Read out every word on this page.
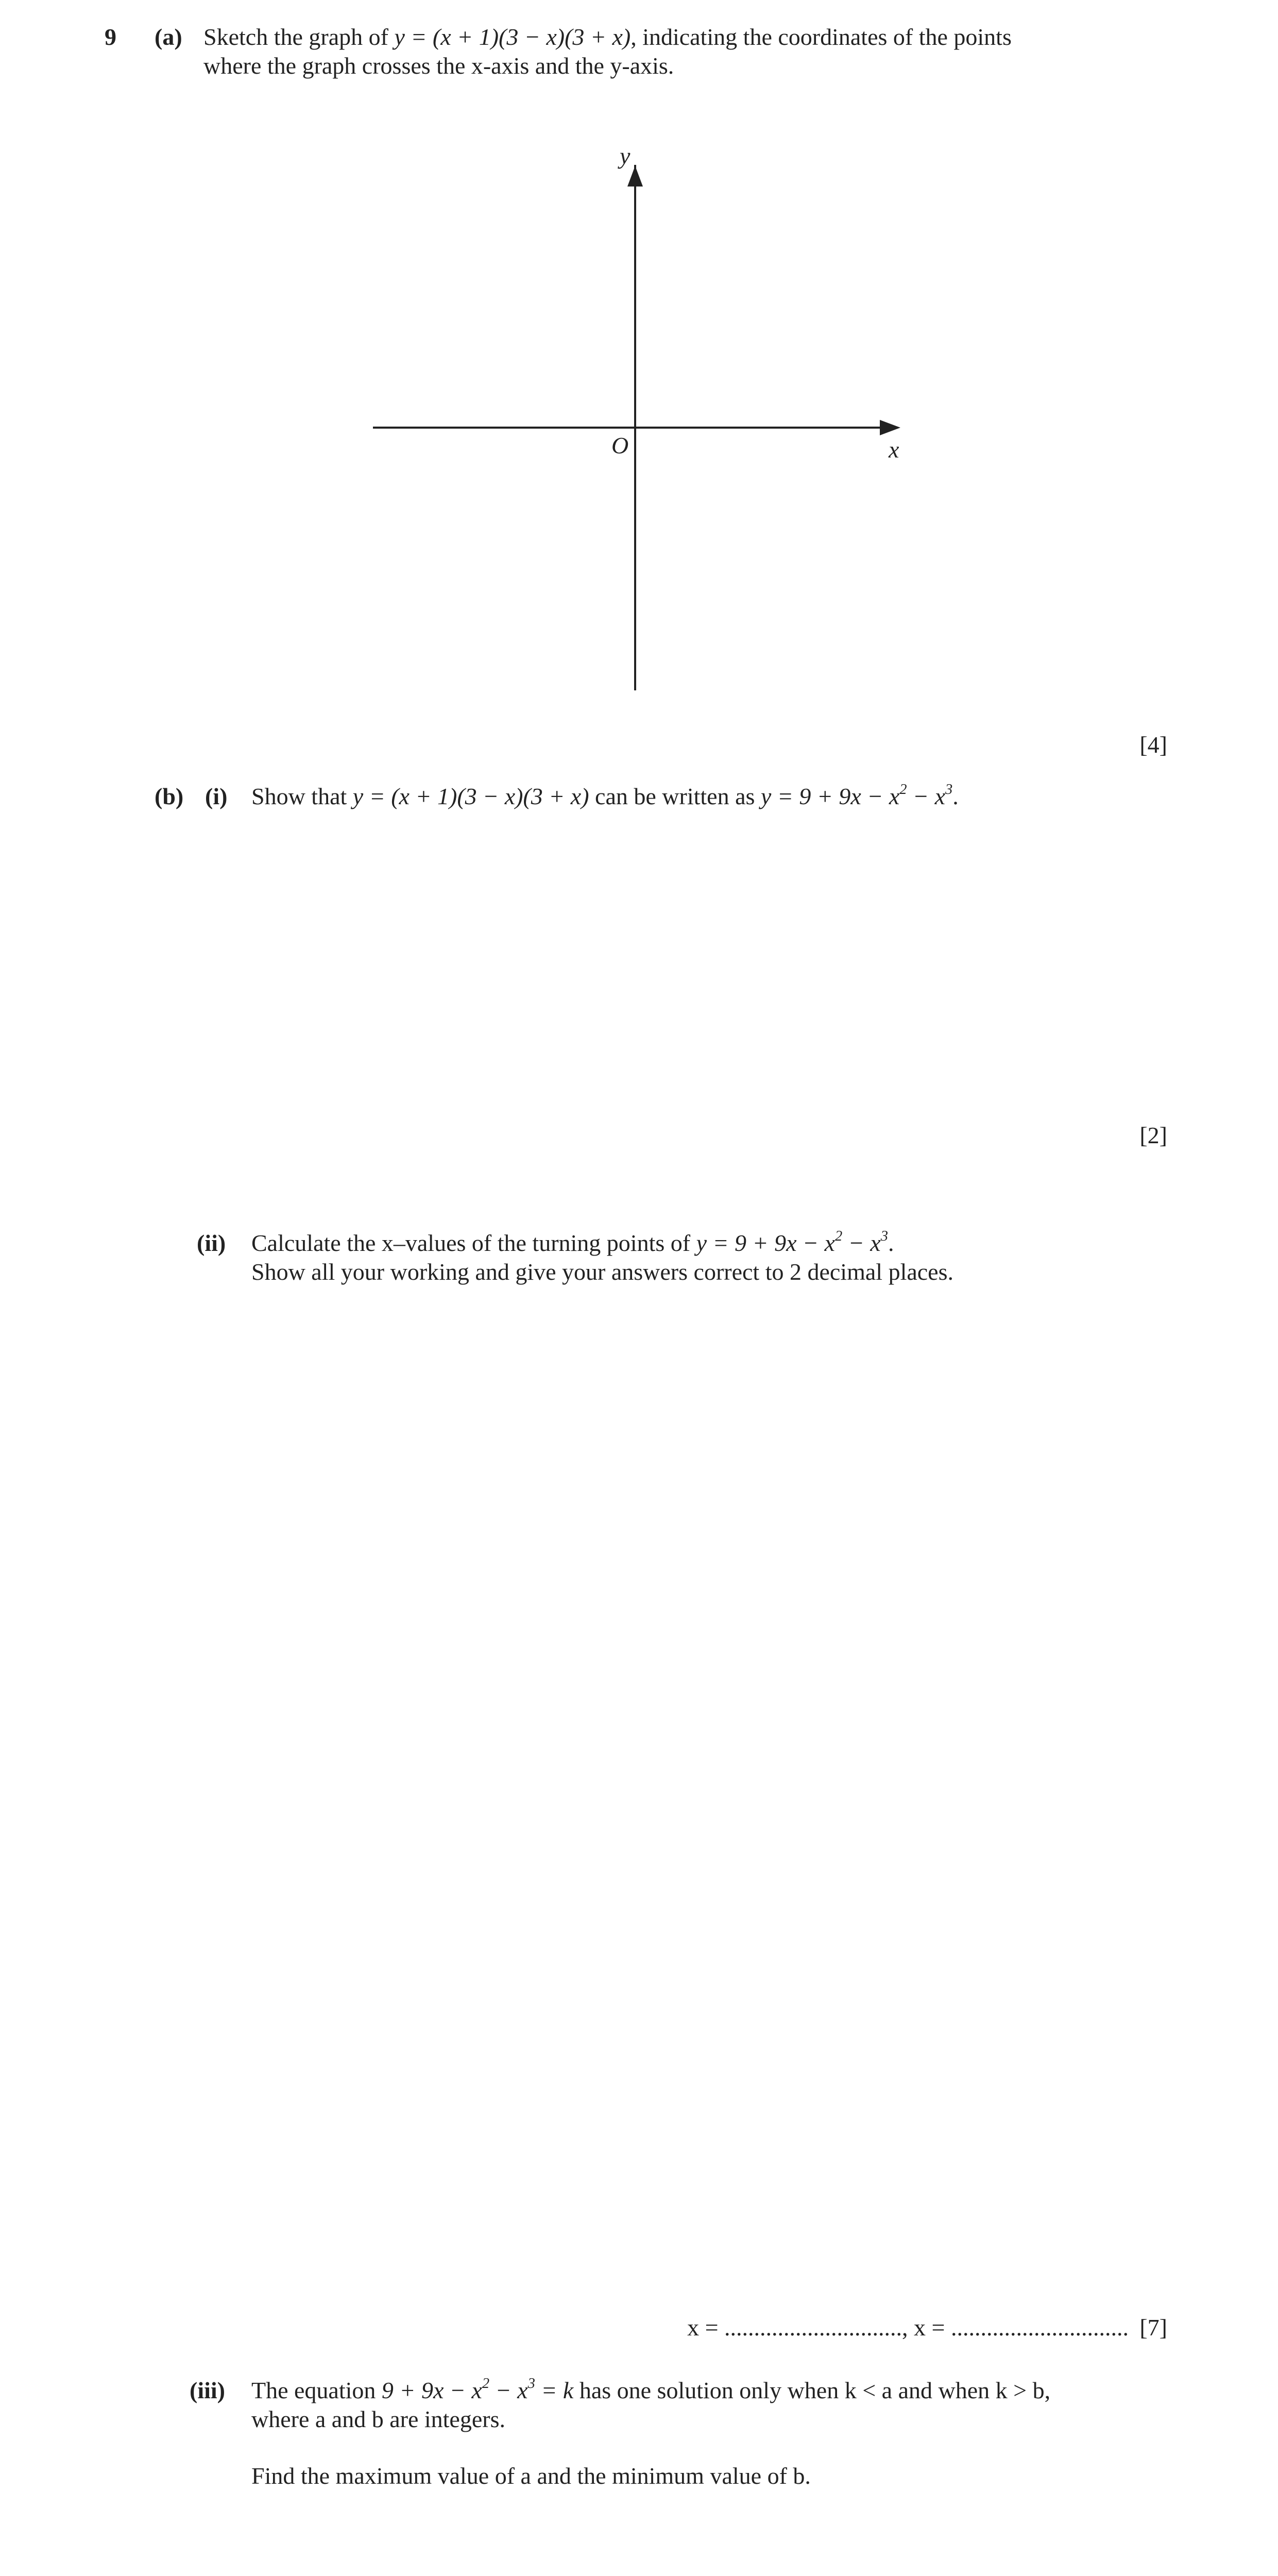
9 (a) Sketch the graph of y = (x + 1)(3 − x)(3 + x), indicating the coordinates of the points
where the graph crosses the x-axis and the y-axis.
y
x
O
[4]
(b) (i) Show that y = (x + 1)(3 − x)(3 + x) can be written as $y = 9 + 9x - x^2 - x^3$.
[2]
(ii) Calculate the x–values of the turning points of $y = 9 + 9x - x^2 - x^3$.
Show all your working and give your answers correct to 2 decimal places.
x = .............................., x = .............................. [7]
(iii) The equation $9 + 9x - x^2 - x^3 = k$ has one solution only when k < a and when k > b,
where a and b are integers.
Find the maximum value of a and the minimum value of b.
